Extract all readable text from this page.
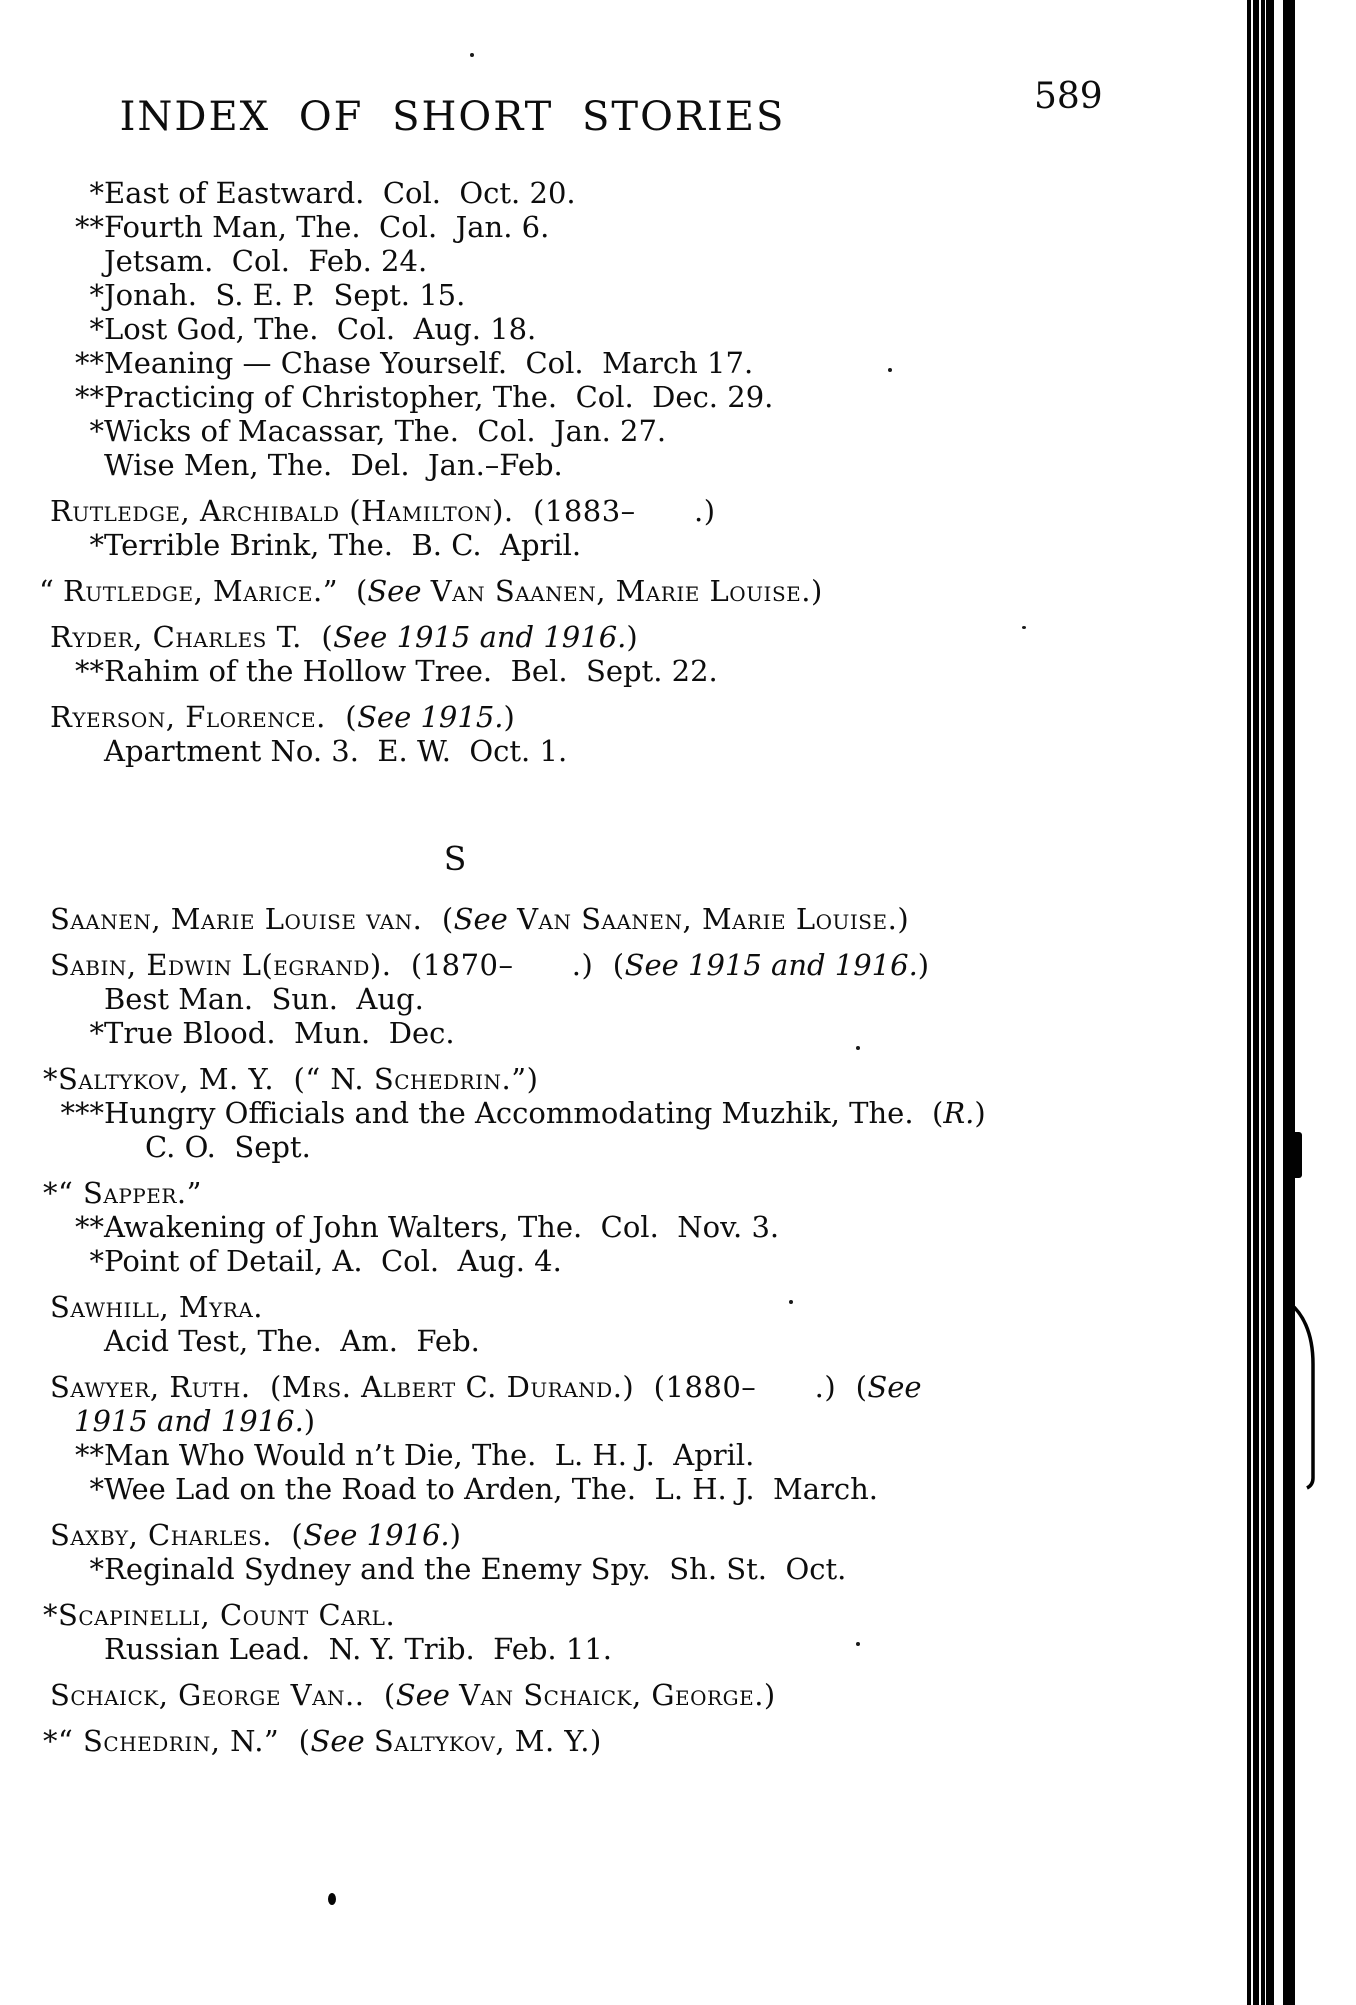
INDEX OF SHORT STORIES	589
* East of Eastward.  Col.  Oct. 20.
** Fourth Man, The.  Col.  Jan. 6.
Jetsam.  Col.  Feb. 24.
* Jonah.  S. E. P.  Sept. 15.
* Lost God, The.  Col.  Aug. 18.
** Meaning — Chase Yourself.  Col.  March 17.
** Practicing of Christopher, The.  Col.  Dec. 29.
* Wicks of Macassar, The.  Col.  Jan. 27.
Wise Men, The.  Del.  Jan.–Feb.
Rutledge, Archibald (Hamilton).  (1883–      .)
* Terrible Brink, The.  B. C.  April.
“ Rutledge, Marice.”  (See Van Saanen, Marie Louise.)
Ryder, Charles T.  (See 1915 and 1916.)
** Rahim of the Hollow Tree.  Bel.  Sept. 22.
Ryerson, Florence.  (See 1915.)
Apartment No. 3.  E. W.  Oct. 1.
S
Saanen, Marie Louise van.  (See Van Saanen, Marie Louise.)
Sabin, Edwin L(egrand).  (1870–      .)  (See 1915 and 1916.)
Best Man.  Sun.  Aug.
* True Blood.  Mun.  Dec.
*Saltykov, M. Y.  (“ N. Schedrin.”)
*** Hungry Officials and the Accommodating Muzhik, The.  (R.)
C. O.  Sept.
*“ Sapper.”
** Awakening of John Walters, The.  Col.  Nov. 3.
* Point of Detail, A.  Col.  Aug. 4.
Sawhill, Myra.
Acid Test, The.  Am.  Feb.
Sawyer, Ruth.  (Mrs. Albert C. Durand.)  (1880–      .)  (See
1915 and 1916.)
** Man Who Would n’t Die, The.  L. H. J.  April.
* Wee Lad on the Road to Arden, The.  L. H. J.  March.
Saxby, Charles.  (See 1916.)
* Reginald Sydney and the Enemy Spy.  Sh. St.  Oct.
*Scapinelli, Count Carl.
Russian Lead.  N. Y. Trib.  Feb. 11.
Schaick, George Van..  (See Van Schaick, George.)
*“ Schedrin, N.”  (See Saltykov, M. Y.)
